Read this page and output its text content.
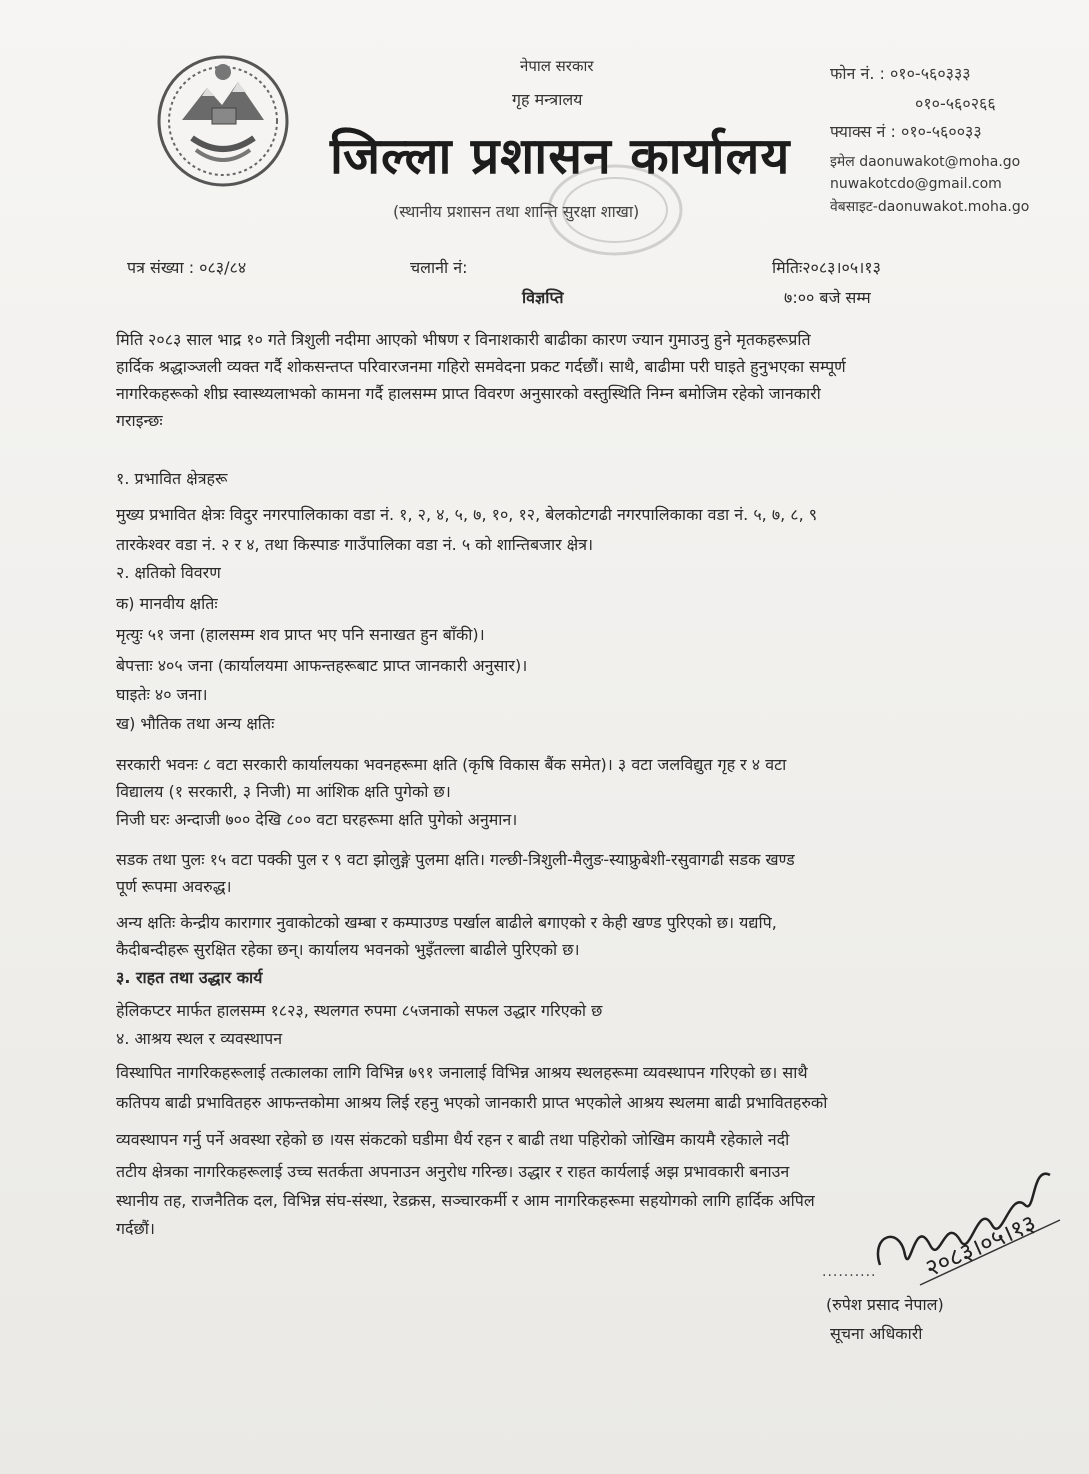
नेपाल सरकार
गृह मन्त्रालय
जिल्ला प्रशासन कार्यालय
(स्थानीय प्रशासन तथा शान्ति सुरक्षा शाखा)
फोन नं. : ०१०-५६०३३३
०१०-५६०२६६
फ्याक्स नं : ०१०-५६००३३
इमेल daonuwakot@moha.go
nuwakotcdo@gmail.com
वेबसाइट-daonuwakot.moha.go
पत्र संख्या : ०८३/८४	चलानी नं:	मितिः२०८३।०५।१३
विज्ञप्ति	७:०० बजे सम्म

मिति २०८३ साल भाद्र १० गते त्रिशुली नदीमा आएको भीषण र विनाशकारी बाढीका कारण ज्यान गुमाउनु हुने मृतकहरूप्रति

हार्दिक श्रद्धाञ्जली व्यक्त गर्दै शोकसन्तप्त परिवारजनमा गहिरो समवेदना प्रकट गर्दछौं। साथै, बाढीमा परी घाइते हुनुभएका सम्पूर्ण

नागरिकहरूको शीघ्र स्वास्थ्यलाभको कामना गर्दै हालसम्म प्राप्त विवरण अनुसारको वस्तुस्थिति निम्न बमोजिम रहेको जानकारी

गराइन्छः

१. प्रभावित क्षेत्रहरू
मुख्य प्रभावित क्षेत्रः विदुर नगरपालिकाका वडा नं. १, २, ४, ५, ७, १०, १२, बेलकोटगढी नगरपालिकाका वडा नं. ५, ७, ८, ९
तारकेश्वर वडा नं. २ र ४, तथा किस्पाङ गाउँपालिका वडा नं. ५ को शान्तिबजार क्षेत्र।
२. क्षतिको विवरण
क) मानवीय क्षतिः
मृत्युः ५१ जना (हालसम्म शव प्राप्त भए पनि सनाखत हुन बाँकी)।
बेपत्ताः ४०५ जना (कार्यालयमा आफन्तहरूबाट प्राप्त जानकारी अनुसार)।
घाइतेः ४० जना।
ख) भौतिक तथा अन्य क्षतिः
सरकारी भवनः ८ वटा सरकारी कार्यालयका भवनहरूमा क्षति (कृषि विकास बैंक समेत)। ३ वटा जलविद्युत गृह र ४ वटा
विद्यालय (१ सरकारी, ३ निजी) मा आंशिक क्षति पुगेको छ।
निजी घरः अन्दाजी ७०० देखि ८०० वटा घरहरूमा क्षति पुगेको अनुमान।
सडक तथा पुलः १५ वटा पक्की पुल र ९ वटा झोलुङ्गे पुलमा क्षति। गल्छी-त्रिशुली-मैलुङ-स्याफ्रुबेशी-रसुवागढी सडक खण्ड
पूर्ण रूपमा अवरुद्ध।
अन्य क्षतिः केन्द्रीय कारागार नुवाकोटको खम्बा र कम्पाउण्ड पर्खाल बाढीले बगाएको र केही खण्ड पुरिएको छ। यद्यपि,
कैदीबन्दीहरू सुरक्षित रहेका छन्। कार्यालय भवनको भुइँतल्ला बाढीले पुरिएको छ।
३. राहत तथा उद्धार कार्य
हेलिकप्टर मार्फत हालसम्म १८२३, स्थलगत रुपमा ८५जनाको सफल उद्धार गरिएको छ
४. आश्रय स्थल र व्यवस्थापन
विस्थापित नागरिकहरूलाई तत्कालका लागि विभिन्न ७९१ जनालाई विभिन्न आश्रय स्थलहरूमा व्यवस्थापन गरिएको छ। साथै
कतिपय बाढी प्रभावितहरु आफन्तकोमा आश्रय लिई रहनु भएको जानकारी प्राप्त भएकोले आश्रय स्थलमा बाढी प्रभावितहरुको
व्यवस्थापन गर्नु पर्ने अवस्था रहेको छ ।यस संकटको घडीमा धैर्य रहन र बाढी तथा पहिरोको जोखिम कायमै रहेकाले नदी
तटीय क्षेत्रका नागरिकहरूलाई उच्च सतर्कता अपनाउन अनुरोध गरिन्छ। उद्धार र राहत कार्यलाई अझ प्रभावकारी बनाउन
स्थानीय तह, राजनैतिक दल, विभिन्न संघ-संस्था, रेडक्रस, सञ्चारकर्मी र आम नागरिकहरूमा सहयोगको लागि हार्दिक अपिल
गर्दछौं।	२०८३।०५।१३
..........
(रुपेश प्रसाद नेपाल)
सूचना अधिकारी
